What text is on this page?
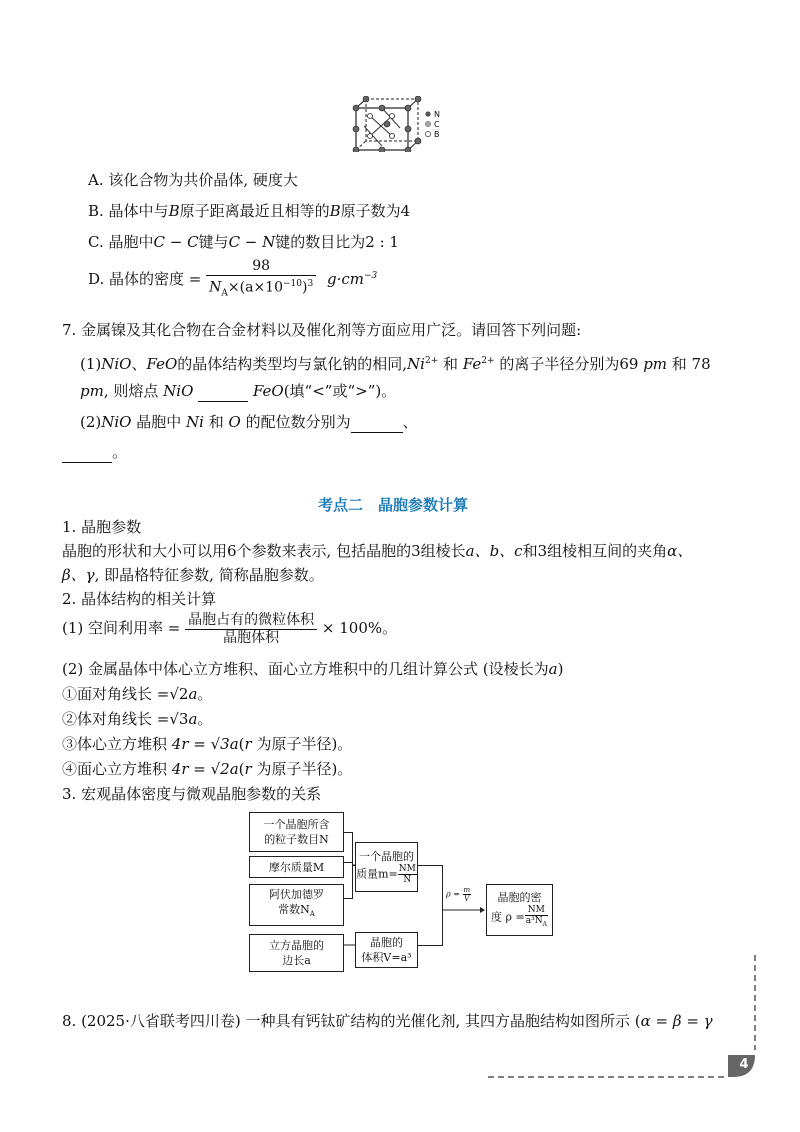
N
C
B
A. 该化合物为共价晶体, 硬度大
B. 晶体中与B原子距离最近且相等的B原子数为4
C. 晶胞中C − C键与C − N键的数目比为2 : 1
D. 晶体的密度 = $\frac{98}{N_A\times(a\times 10^{-10})^3} g\cdot cm^{-3}$
7. 金属镍及其化合物在合金材料以及催化剂等方面应用广泛。请回答下列问题:
(1)NiO、FeO的晶体结构类型均与氯化钠的相同$,Ni^{2+}$ 和 $Fe^{2+}$ 的离子半径分别为69 pm 和 78
pm, 则熔点 NiO	FeO(填“<”或“>”)。
(2)NiO 晶胞中 Ni 和 O 的配位数分别为	、
。
考点二　晶胞参数计算
1. 晶胞参数
晶胞的形状和大小可以用6个参数来表示, 包括晶胞的3组棱长a、b、c和3组棱相互间的夹角α、
β、γ, 即晶格特征参数, 简称晶胞参数。
2. 晶体结构的相关计算
(1) 空间利用率 = $\frac{\text{晶胞占有的微粒体积}}{\text{晶胞体积}} \times 100\%$。
(2) 金属晶体中体心立方堆积、面心立方堆积中的几组计算公式 (设棱长为a)
①面对角线长 =√2a。
②体对角线长 =√3a。
③体心立方堆积 4r = √3a(r 为原子半径)。
④面心立方堆积 4r = √2a(r 为原子半径)。
3. 宏观晶体密度与微观晶胞参数的关系
$\rho = \frac{m}{V}$
一个晶胞所含
的粒子数目N
摩尔质量M
阿伏加德罗
常数$N_A$
立方晶胞的
边长a
一个晶胞的
质量$m= \frac{NM}{N}$
晶胞的
体积V=a³
晶胞的密
度 $\rho = \frac{NM}{a^3N_A}$
8. (2025·八省联考四川卷) 一种具有钙钛矿结构的光催化剂, 其四方晶胞结构如图所示 (α = β = γ
4
